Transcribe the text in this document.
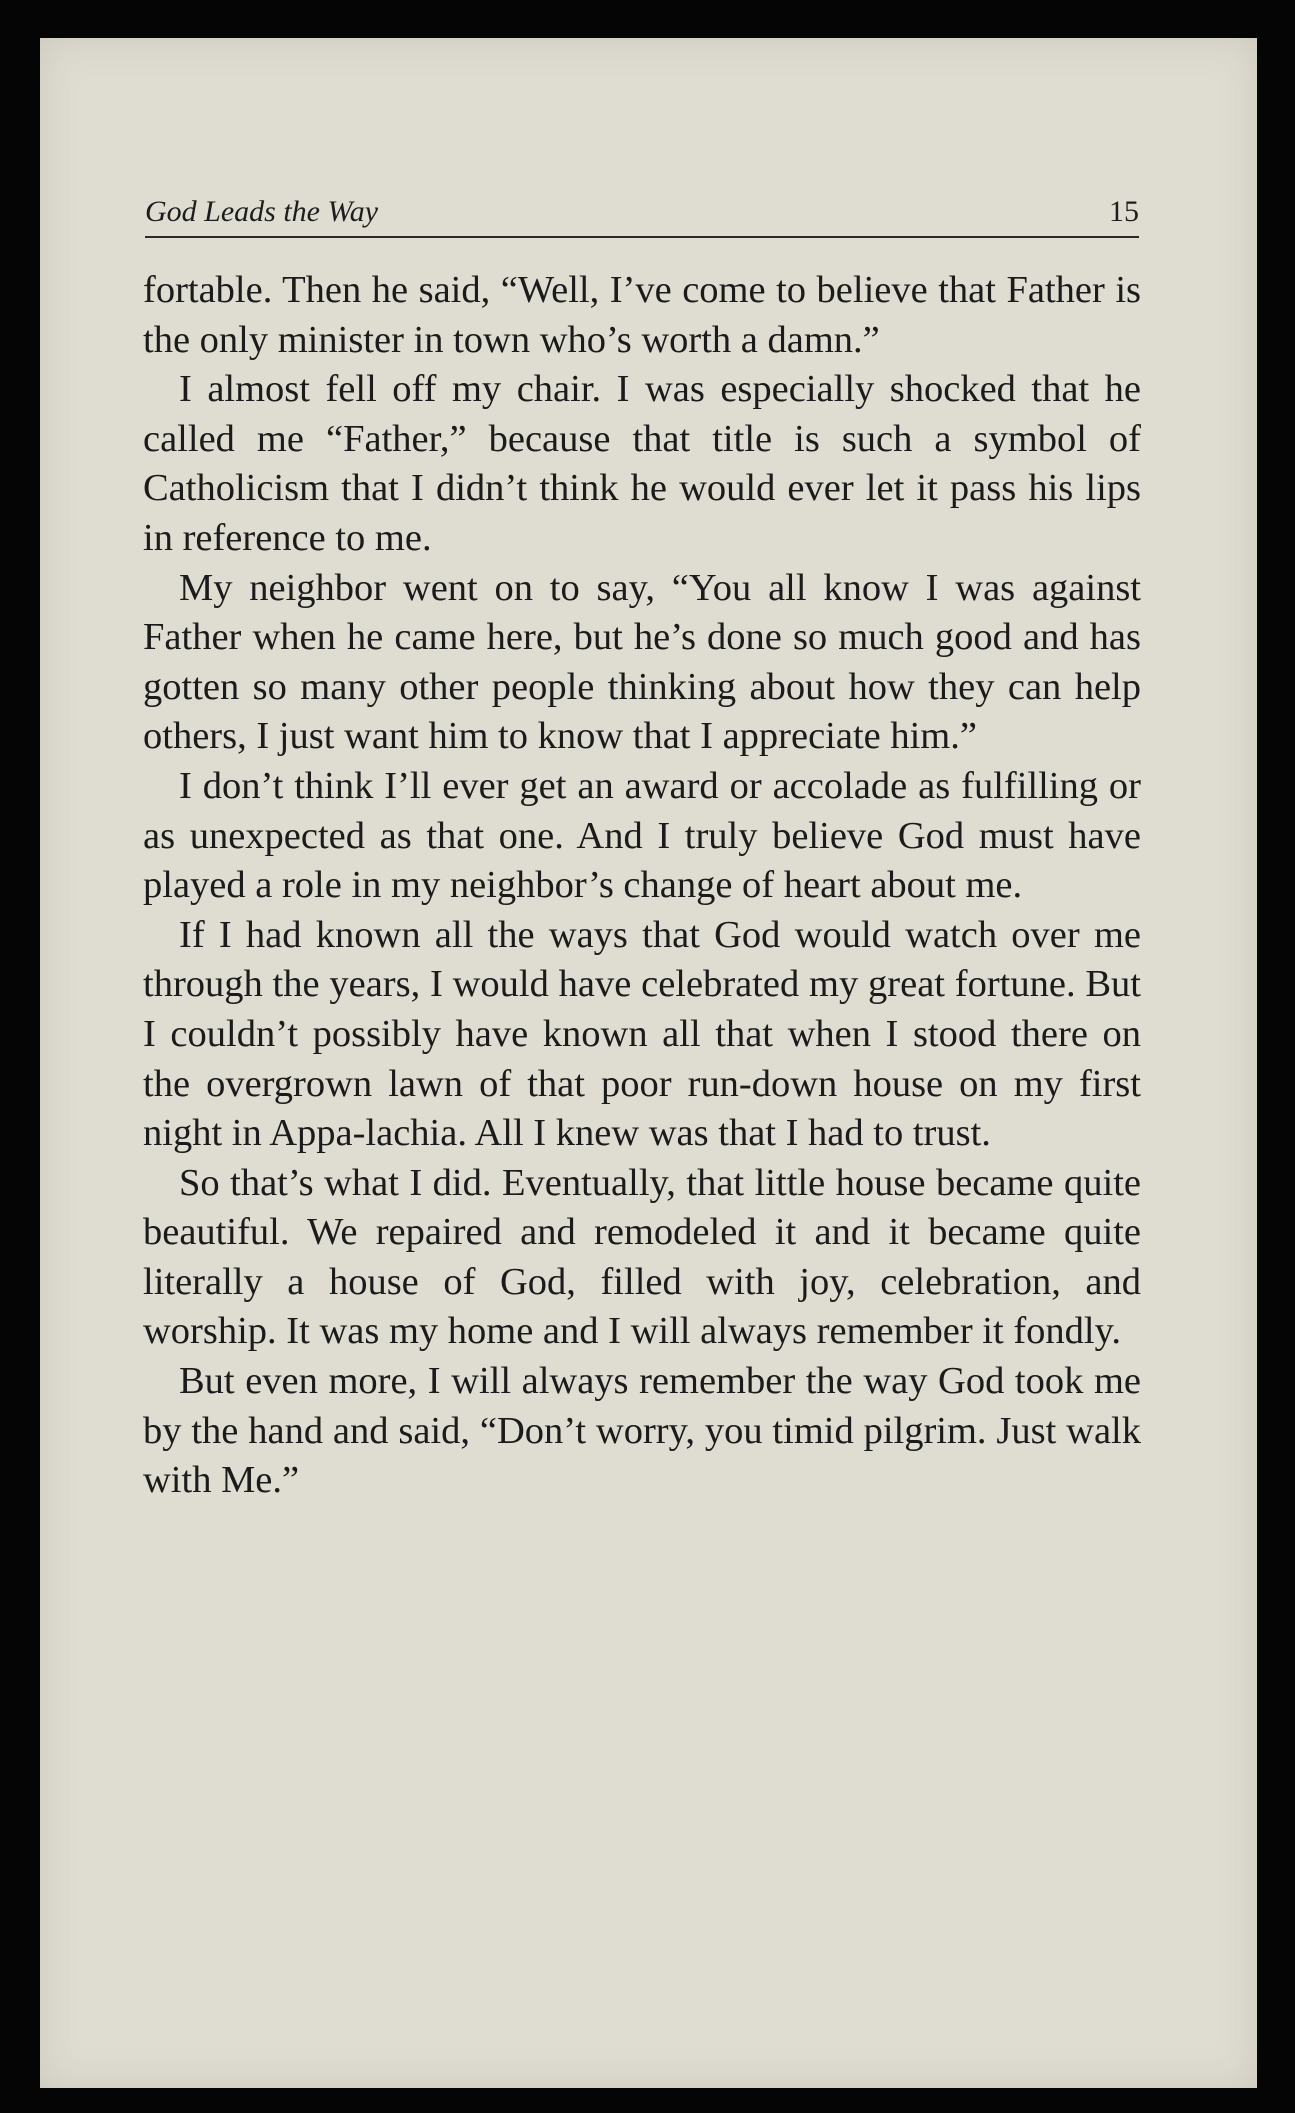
God Leads the Way	15

fortable. Then he said, “Well, I’ve come to believe that Father is the only minister in town who’s worth a damn.”

I almost fell off my chair. I was especially shocked that he called me “Father,” because that title is such a symbol of Catholicism that I didn’t think he would ever let it pass his lips in reference to me.

My neighbor went on to say, “You all know I was against Father when he came here, but he’s done so much good and has gotten so many other people thinking about how they can help others, I just want him to know that I appreciate him.”

I don’t think I’ll ever get an award or accolade as fulfilling or as unexpected as that one. And I truly believe God must have played a role in my neighbor’s change of heart about me.

If I had known all the ways that God would watch over me through the years, I would have celebrated my great fortune. But I couldn’t possibly have known all that when I stood there on the overgrown lawn of that poor run-down house on my first night in Appa-lachia. All I knew was that I had to trust.

So that’s what I did. Eventually, that little house became quite beautiful. We repaired and remodeled it and it became quite literally a house of God, filled with joy, celebration, and worship. It was my home and I will always remember it fondly.

But even more, I will always remember the way God took me by the hand and said, “Don’t worry, you timid pilgrim. Just walk with Me.”
